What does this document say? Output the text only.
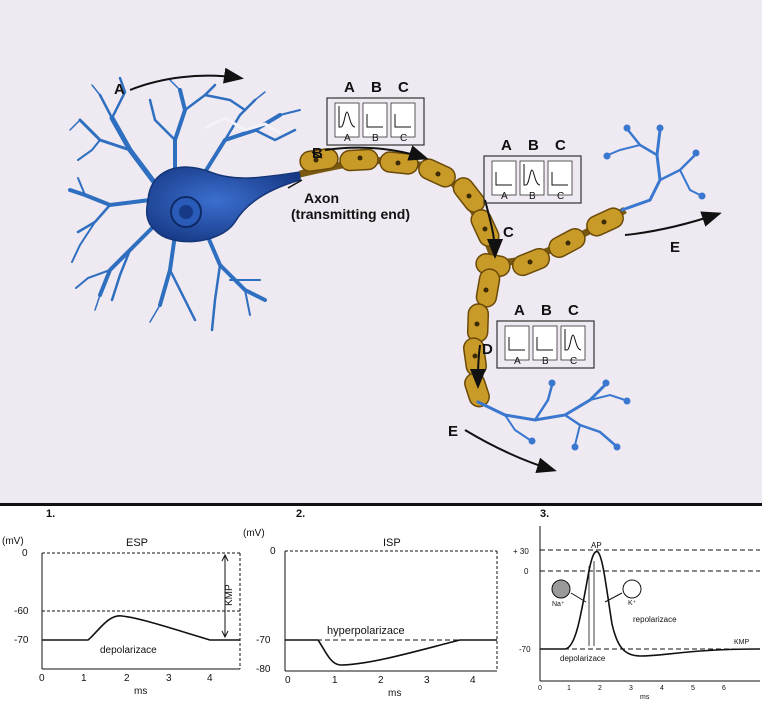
A
B
C
D
E
E
Axon
(transmitting end)
A B C
A B C	A B C
A B C
A B C
A B C
1.
(mV)	ESP
KMP
0
-60
-70
depolarizace
0	1	2	3	4
ms
2.
(mV)
ISP
0
-70
-80
hyperpolarizace
0	1	2	3	4
ms
3.
AP
Na⁺	K⁺
repolarizace
depolarizace
KMP
+ 30
0
-70
0	1	2	3	4	5	6
ms
